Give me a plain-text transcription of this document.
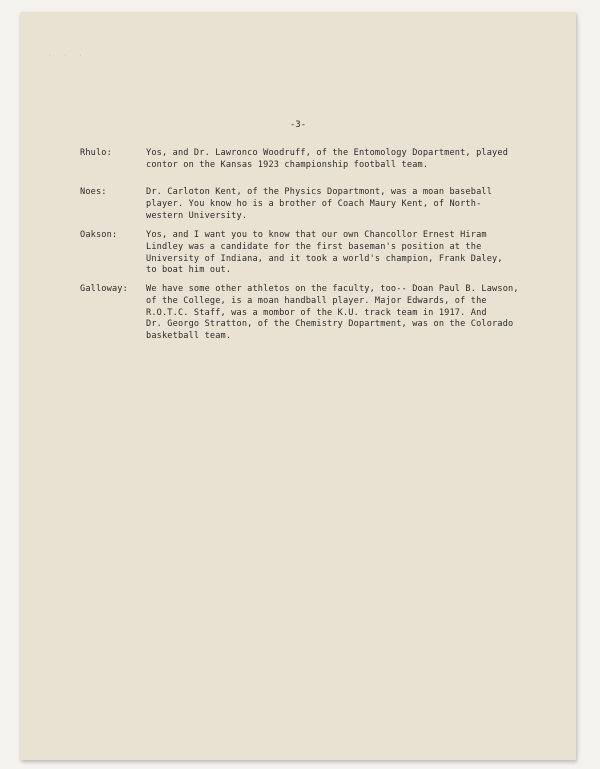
· · ·
-3-
Rhulo:	Yos, and Dr. Lawronco Woodruff, of the Entomology Dopartment, played
contor on the Kansas 1923 championship football team.
Noes:	Dr. Carloton Kent, of the Physics Dopartmont, was a moan baseball
player. You know ho is a brother of Coach Maury Kent, of North-
western University.
Oakson:	Yos, and I want you to know that our own Chancollor Ernest Hiram
Lindley was a candidate for the first baseman's position at the
University of Indiana, and it took a world's champion, Frank Daley,
to boat him out.
Galloway:	We have some other athletos on the faculty, too-- Doan Paul B. Lawson,
of the College, is a moan handball player. Major Edwards, of the
R.O.T.C. Staff, was a mombor of the K.U. track team in 1917. And
Dr. Georgo Stratton, of the Chemistry Dopartment, was on the Colorado
basketball team.
